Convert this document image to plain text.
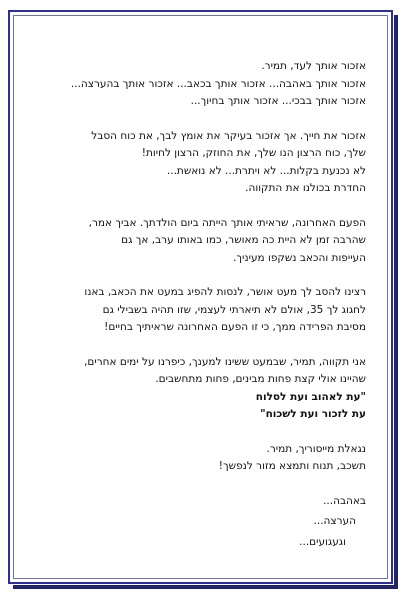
אזכור אותך לעד, תמיר.
אזכור אותך באהבה... אזכור אותך בכאב... אזכור אותך בהערצה...
אזכור אותך בבכי... אזכור אותך בחיוך...
אזכור את חייך. אך אזכור בעיקר את אומץ לבך, את כוח הסבל
שלך, כוח הרצון הנו שלך, את החוזק, הרצון לחיות!
לא נכנעת בקלות... לא ויתרת... לא נואשת...
החדרת בכולנו את התקווה.
הפעם האחרונה, שראיתי אותך הייתה ביום הולדתך. אביך אמר,
שהרבה זמן לא היית כה מאושר, כמו באותו ערב, אך גם
העייפות והכאב נשקפו מעיניך.
רצינו להסב לך מעט אושר, לנסות להפיג במעט את הכאב, באנו
לחגוג לך 35, אולם לא תיארתי לעצמי, שזו תהיה בשבילי גם
מסיבת הפרידה ממך, כי זו הפעם האחרונה שראיתיך בחיים!
אני תקווה, תמיר, שבמעט ששינו למענך, כיפרנו על ימים אחרים,
שהיינו אולי קצת פחות מבינים, פחות מתחשבים.
"עת לאהוב ועת לסלוח
עת לזכור ועת לשכוח"
נגאלת מייסוריך, תמיר.
תשכב, תנוח ותמצא מזור לנפשך!
באהבה...
הערצה...
וגעגועים...
